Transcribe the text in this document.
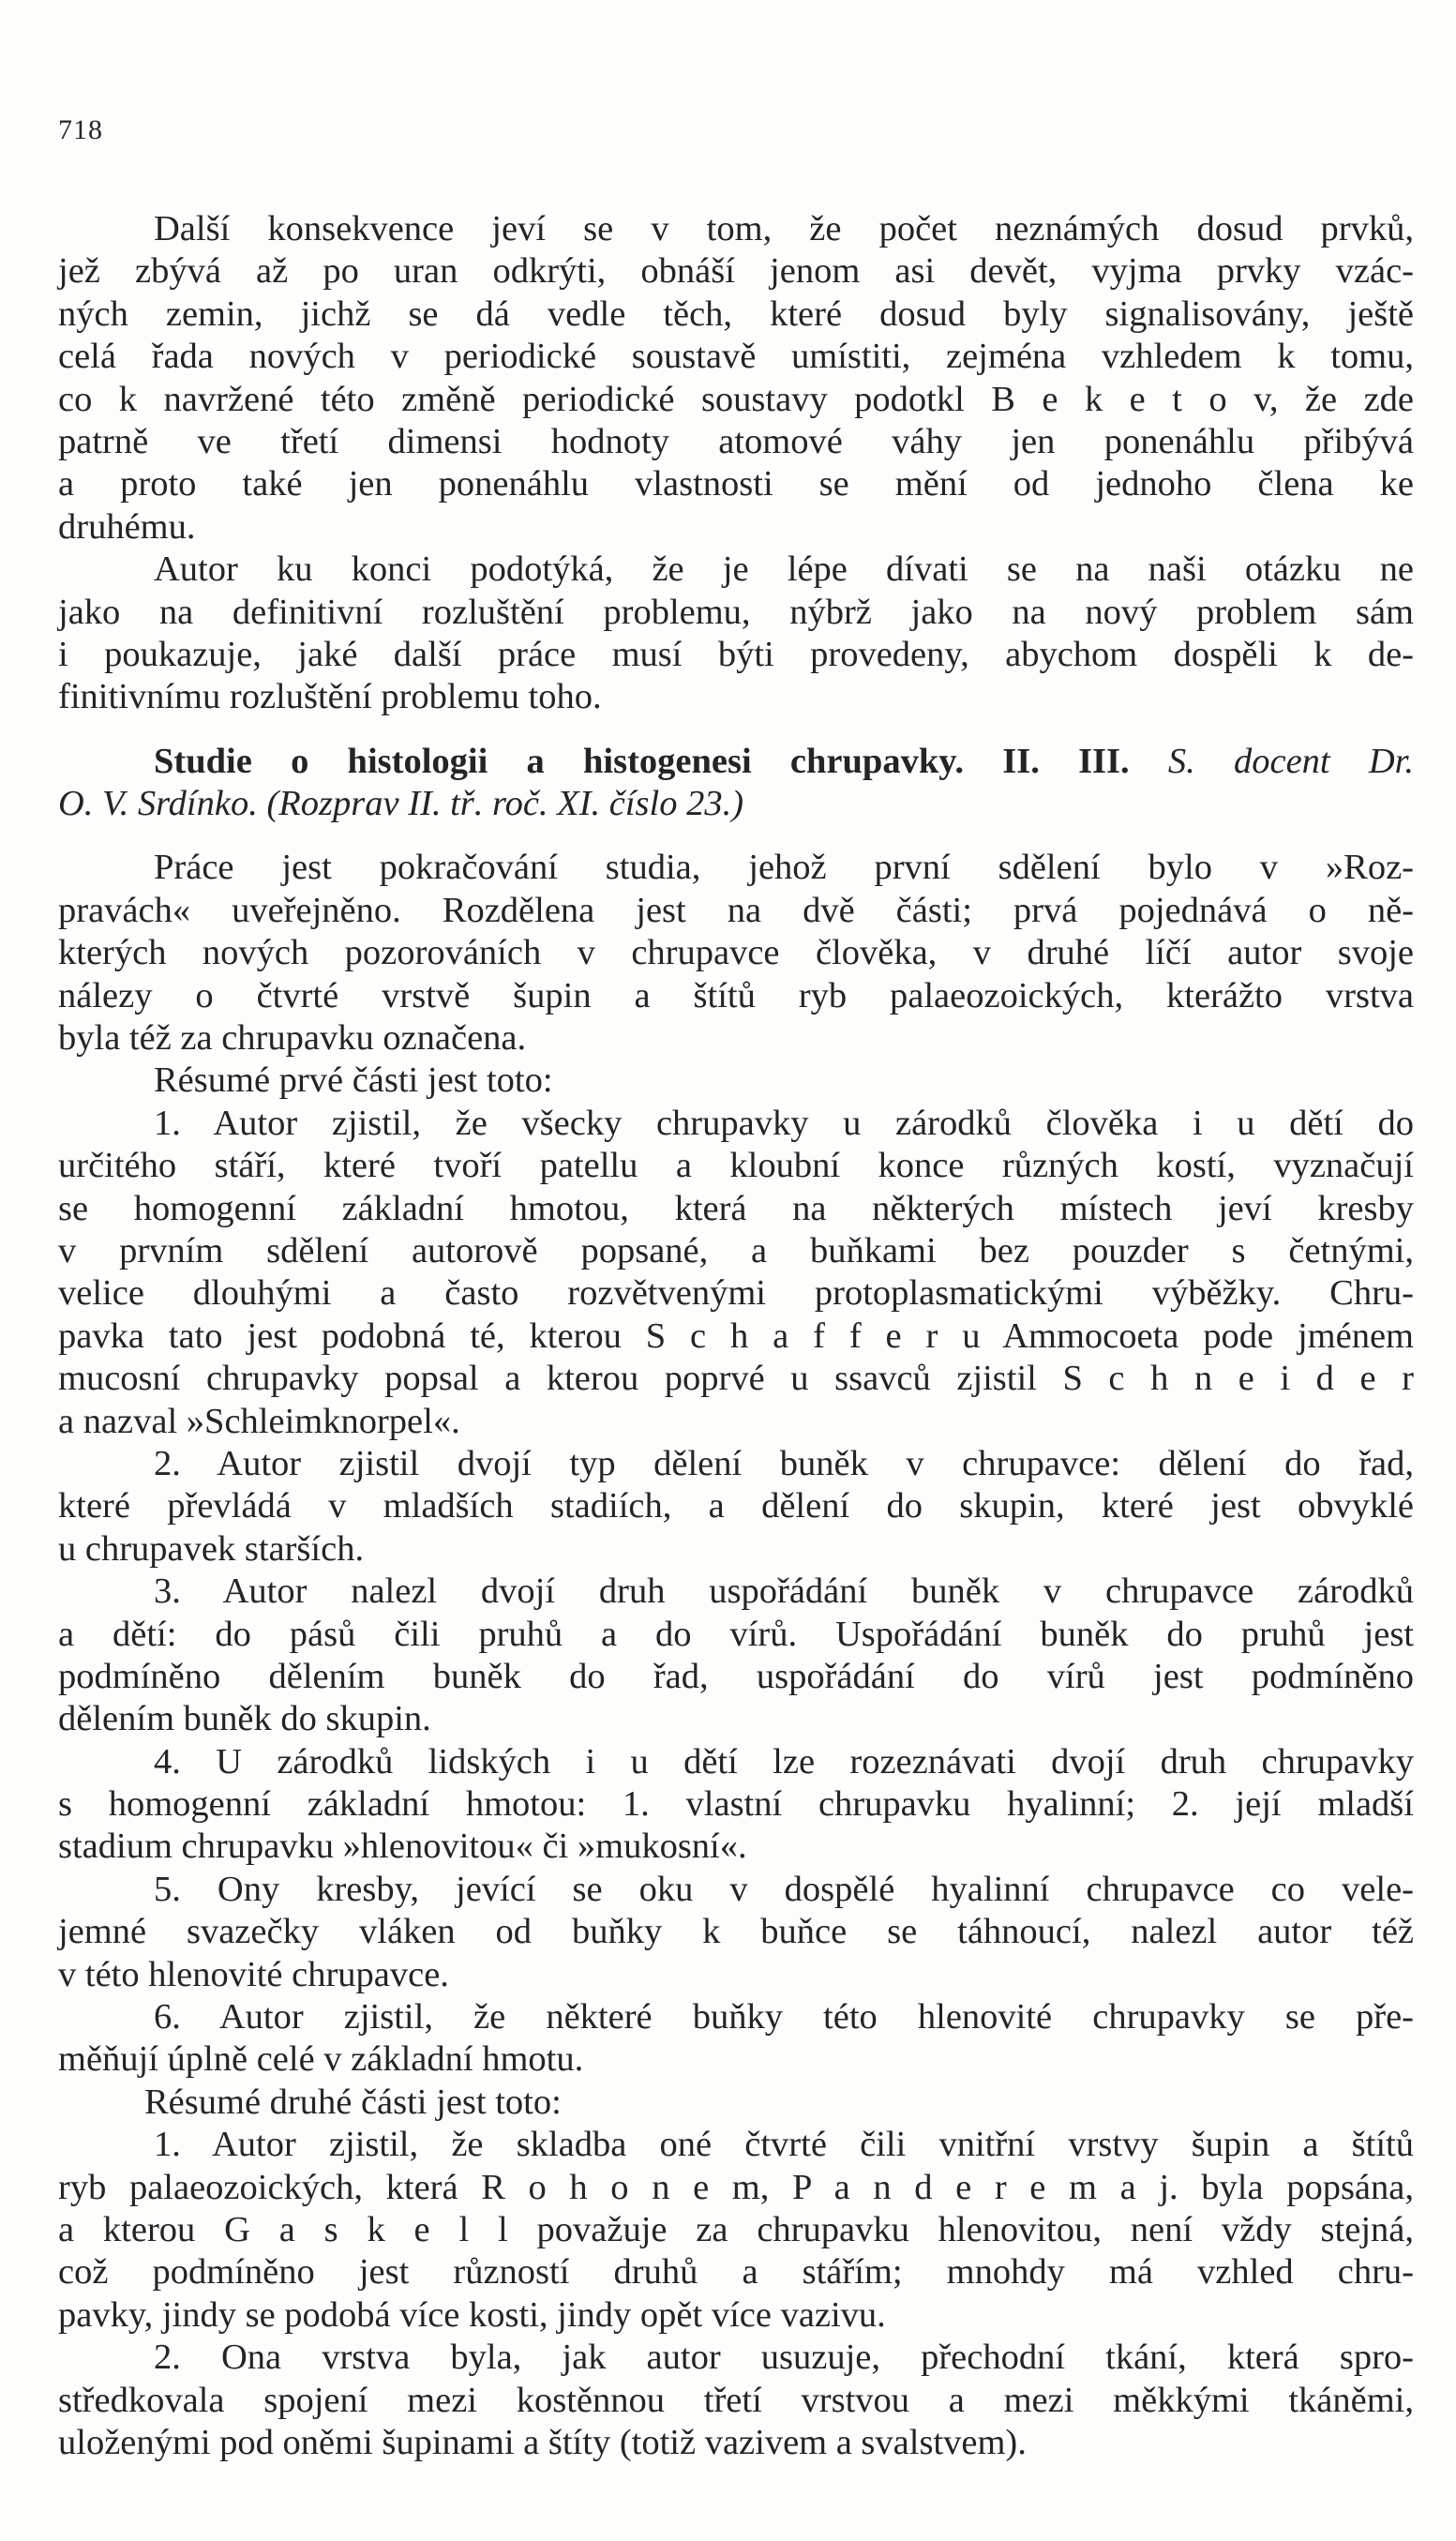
718
Další konsekvence jeví se v tom, že počet neznámých dosud prvků,
jež zbývá až po uran odkrýti, obnáší jenom asi devět, vyjma prvky vzác-
ných zemin, jichž se dá vedle těch, které dosud byly signalisovány, ještě
celá řada nových v periodické soustavě umístiti, zejména vzhledem k tomu,
co k navržené této změně periodické soustavy podotkl B e k e t o v, že zde
patrně ve třetí dimensi hodnoty atomové váhy jen ponenáhlu přibývá
a proto také jen ponenáhlu vlastnosti se mění od jednoho člena ke
druhému.
Autor ku konci podotýká, že je lépe dívati se na naši otázku ne
jako na definitivní rozluštění problemu, nýbrž jako na nový problem sám
i poukazuje, jaké další práce musí býti provedeny, abychom dospěli k de-
finitivnímu rozluštění problemu toho.
Studie o histologii a histogenesi chrupavky. II. III. S. docent Dr.
O. V. Srdínko. (Rozprav II. tř. roč. XI. číslo 23.)
Práce jest pokračování studia, jehož první sdělení bylo v »Roz-
pravách« uveřejněno. Rozdělena jest na dvě části; prvá pojednává o ně-
kterých nových pozorováních v chrupavce člověka, v druhé líčí autor svoje
nálezy o čtvrté vrstvě šupin a štítů ryb palaeozoických, kterážto vrstva
byla též za chrupavku označena.
Résumé prvé části jest toto:
1. Autor zjistil, že všecky chrupavky u zárodků člověka i u dětí do
určitého stáří, které tvoří patellu a kloubní konce různých kostí, vyznačují
se homogenní základní hmotou, která na některých místech jeví kresby
v prvním sdělení autorově popsané, a buňkami bez pouzder s četnými,
velice dlouhými a často rozvětvenými protoplasmatickými výběžky. Chru-
pavka tato jest podobná té, kterou S c h a f f e r u Ammocoeta pode jménem
mucosní chrupavky popsal a kterou poprvé u ssavců zjistil S c h n e i d e r
a nazval »Schleimknorpel«.
2. Autor zjistil dvojí typ dělení buněk v chrupavce: dělení do řad,
které převládá v mladších stadiích, a dělení do skupin, které jest obvyklé
u chrupavek starších.
3. Autor nalezl dvojí druh uspořádání buněk v chrupavce zárodků
a dětí: do pásů čili pruhů a do vírů. Uspořádání buněk do pruhů jest
podmíněno dělením buněk do řad, uspořádání do vírů jest podmíněno
dělením buněk do skupin.
4. U zárodků lidských i u dětí lze rozeznávati dvojí druh chrupavky
s homogenní základní hmotou: 1. vlastní chrupavku hyalinní; 2. její mladší
stadium chrupavku »hlenovitou« či »mukosní«.
5. Ony kresby, jevící se oku v dospělé hyalinní chrupavce co vele-
jemné svazečky vláken od buňky k buňce se táhnoucí, nalezl autor též
v této hlenovité chrupavce.
6. Autor zjistil, že některé buňky této hlenovité chrupavky se pře-
měňují úplně celé v základní hmotu.
Résumé druhé části jest toto:
1. Autor zjistil, že skladba oné čtvrté čili vnitřní vrstvy šupin a štítů
ryb palaeozoických, která R o h o n e m, P a n d e r e m a j. byla popsána,
a kterou G a s k e l l považuje za chrupavku hlenovitou, není vždy stejná,
což podmíněno jest růzností druhů a stářím; mnohdy má vzhled chru-
pavky, jindy se podobá více kosti, jindy opět více vazivu.
2. Ona vrstva byla, jak autor usuzuje, přechodní tkání, která spro-
středkovala spojení mezi kostěnnou třetí vrstvou a mezi měkkými tkáněmi,
uloženými pod oněmi šupinami a štíty (totiž vazivem a svalstvem).
